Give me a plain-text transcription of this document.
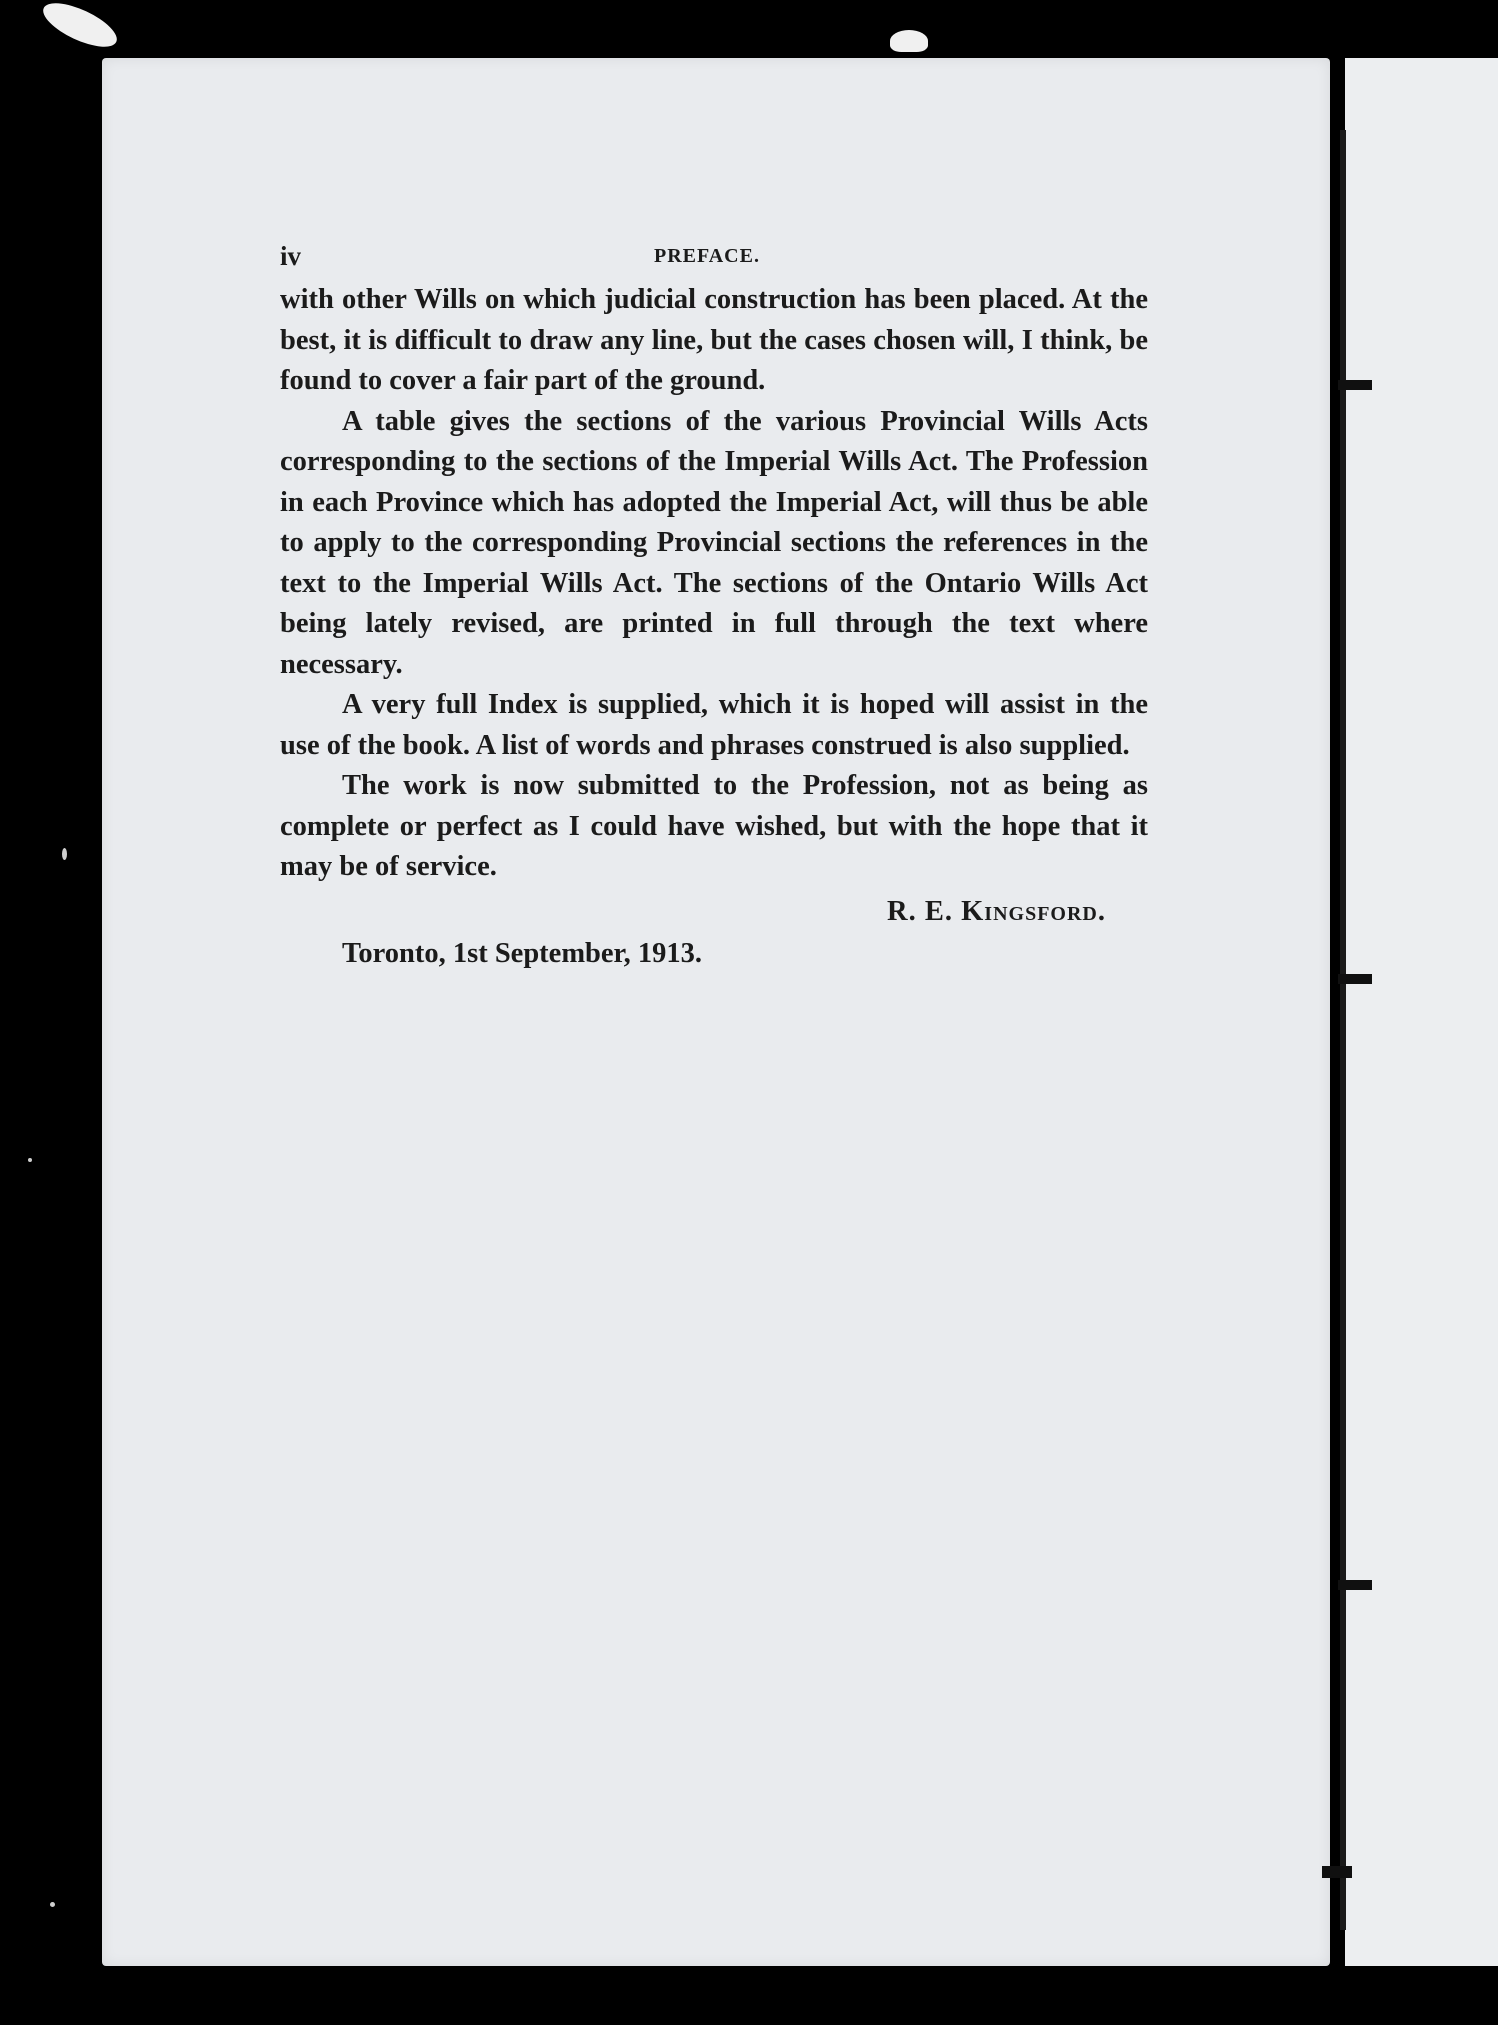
iv	PREFACE.

with other Wills on which judicial construction has been placed. At the best, it is difficult to draw any line, but the cases chosen will, I think, be found to cover a fair part of the ground.

A table gives the sections of the various Provincial Wills Acts corresponding to the sections of the Imperial Wills Act. The Profession in each Province which has adopted the Imperial Act, will thus be able to apply to the corresponding Provincial sections the references in the text to the Imperial Wills Act. The sections of the Ontario Wills Act being lately revised, are printed in full through the text where necessary.

A very full Index is supplied, which it is hoped will assist in the use of the book. A list of words and phrases construed is also supplied.

The work is now submitted to the Profession, not as being as complete or perfect as I could have wished, but with the hope that it may be of service.

R. E. Kingsford.
Toronto, 1st September, 1913.
